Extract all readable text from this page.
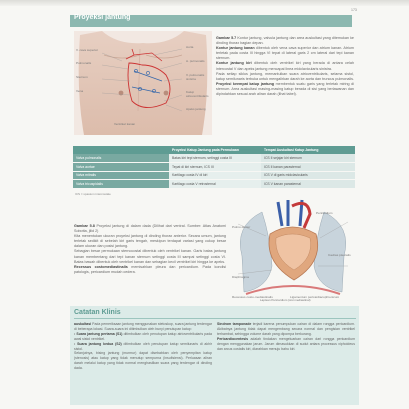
173
Proyeksi jantung
V. cava superior
Pulmonalis
Sternum
Vena
Aorta
A. pulmonalis
V. pulmonalis sinistra
Katup atrioventrikularis
Apeks jantung
Ventrikel kanan

Gambar 5.7 Kontur jantung, valvula jantung dan area auskultasi yang ditemukan ke dinding thorax bagian depan.

Kontur jantung kanan dibentuk oleh vena cava superior dan atrium kanan. Atrium terletak pada costa III hingga VI tepat di lateral garis 2 cm lateral dari tepi kanan sternum.

Kontur jantung kiri dibentuk oleh ventrikel kiri yang berada di antara celah intercostal V dan apeks jantung mencapai linea midclavicularis sinistra.

Pada setiap siklus jantung, memantulkan suara atrioventrikularis, selama sistol, katup semilunaris terbuka untuk mengalirkan darah ke aorta dan truncus pulmonalis.

Proyeksi keempat katup jantung membentuk suatu garis yang terletak miring di sternum. Area auskultasi masing-masing katup berada di sisi yang berlawanan dan dipindahkan sesuai arah aliran darah (lihat tabel).

	Proyeksi Katup Jantung pada Permukaan	Tempat Auskultasi Katup Jantung
Valva pulmonalis	Batas kiri tepi sternum, setinggi costa III	ICS II sejajar kiri sternum
Valva aortae	Tepat di kiri sternum, ICS III	ICS II kanan parasternal
Valva mitralis	Kartilago costa IV di kiri	ICS V di garis midclavicularis
Valva tricuspidalis	Kartilago costa V retrosternal	ICS V kanan parasternal
ICS = spasium intercostale

Gambar 5.8 Proyeksi jantung di dalam dada (Dilihat dari ventral. Sumber: Atlas Anatomi Sobotta, jilid 2)

Kita menentukan ukuran proyeksi jantung di dinding thorax anterior. Secara umum, jantung terletak sedikit di sebelah kiri garis tengah, meskipun terdapat variasi yang cukup besar dalam ukuran dan posisi jantung.

Sebagian besar permukaan sternocostal dibentuk oleh ventrikel kanan. Garis batas jantung kanan membentang dari tepi kanan sternum setinggi costa III sampai setinggi costa VI. Batas bawah dibentuk oleh ventrikel kanan dan sebagian kecil ventrikel kiri hingga ke apeks.

Recessus costomediastinalis memisahkan pleura dan pericardium. Pada kondisi patologis, pericardium mudah cedera.

Pericardium
Cavitas pleuralis
Pulmo dexter
Diaphragma
Recessus costo-mediastinalis	Ligamentum pericardiacophrenicum
Lapisan Pericardium (sisi mediastinal)
Catatan Klinis

auskultasi Pada pemeriksaan jantung menggunakan stetoskop, suara jantung terdengar di beberapa lokasi. Suara-suara ini ditimbulkan oleh bunyi penutupan katup:

• Suara jantung pertama (S1) ditimbulkan oleh penutupan katup atrioventrikularis pada awal sistol ventrikel.

• Suara jantung kedua (S2) ditimbulkan oleh penutupan katup semilunaris di akhir sistol.

Selanjutnya, bising jantung (murmur) dapat disebabkan oleh penyempitan katup (stenosis) atau katup yang tidak menutup sempurna (insufisiensi). Perluasan aliran darah melalui katup yang tidak normal menghasilkan suara yang terdengar di dinding dada.

Sindrom tamponade terjadi karena penumpukan cairan di dalam rongga pericardium. Akibatnya jantung tidak dapat mengembang secara normal dan pengisian ventrikel terhambat, sehingga volume darah yang dipompa berkurang.

Pericardiocentesis adalah tindakan mengeluarkan cairan dari rongga pericardium dengan menggunakan jarum. Jarum dimasukkan di sudut antara processus xiphoideus dan arcus costalis kiri, diarahkan menuju bahu kiri.
